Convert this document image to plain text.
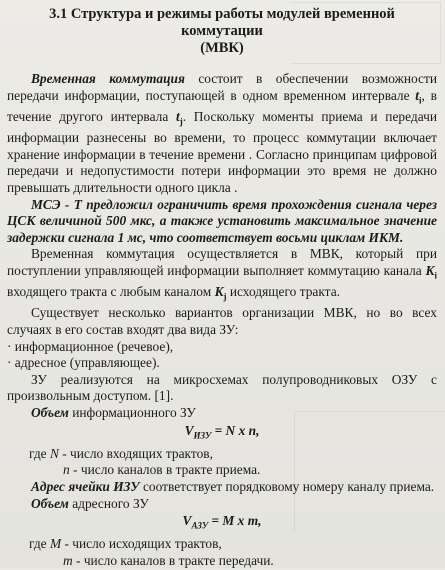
3.1 Структура и режимы работы модулей временной коммутации
(МВК)

Временная коммутация состоит в обеспечении возможности передачи информации, поступающей в одном временном интервале $t_i$, в течение другого интервала $t_j$. Поскольку моменты приема и передачи информации разнесены во времени, то процесс коммутации включает хранение информации в течение времени . Согласно принципам цифровой передачи и недопустимости потери информации это время не должно превышать длительности одного цикла .

МСЭ - Т предложил ограничить время прохождения сигнала через ЦСК величиной 500 мкс, а также установить максимальное значение задержки сигнала 1 мс, что соответствует восьми циклам ИКМ.

Временная коммутация осуществляется в МВК, который при поступлении управляющей информации выполняет коммутацию канала $K_i$ входящего тракта с любым каналом $K_j$ исходящего тракта.

Существует несколько вариантов организации МВК, но во всех случаях в его состав входят два вида ЗУ:

· информационное (речевое),

· адресное (управляющее).

ЗУ реализуются на микросхемах полупроводниковых ОЗУ с произвольным доступом. [1].

Объем информационного ЗУ

$V_{ИЗУ} = N$ x n,
где N - число входящих трактов,
n - число каналов в тракте приема.

Адрес ячейки ИЗУ соответствует порядковому номеру каналу приема.

Объем адресного ЗУ

$V_{АЗУ} = M$ x m,
где M - число исходящих трактов,
m - число каналов в тракте передачи.
